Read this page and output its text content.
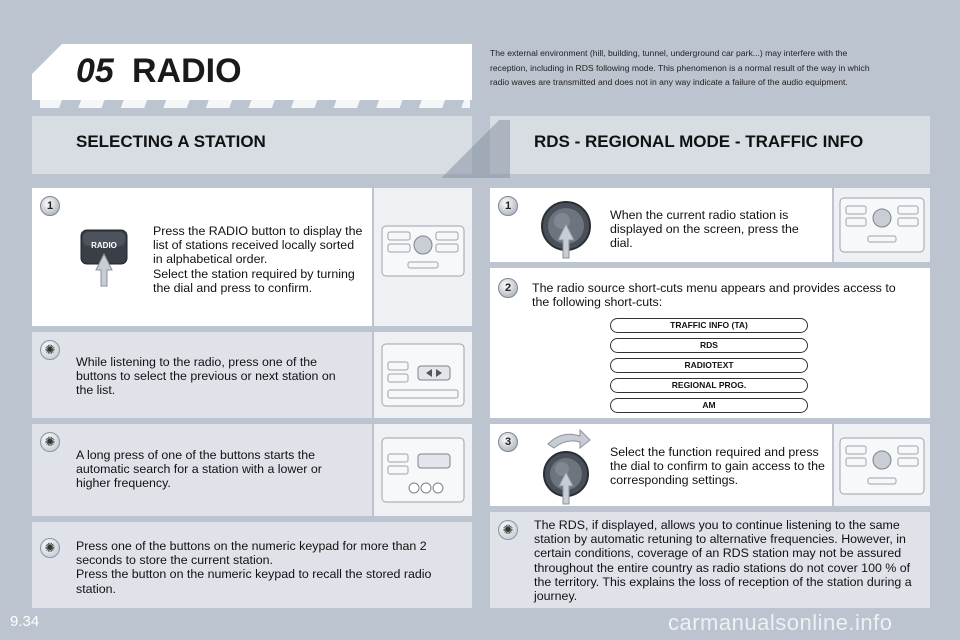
05 RADIO	The external environment (hill, building, tunnel, underground car park...) may interfere with the reception, including in RDS following mode. This phenomenon is a normal result of the way in which radio waves are transmitted and does not in any way indicate a failure of the audio equipment.
SELECTING A STATION	RDS - REGIONAL MODE - TRAFFIC INFO
1
RADIO
Press the RADIO button to display the list of stations received locally sorted in alphabetical order.
Select the station required by turning the dial and press to confirm.
✺
While listening to the radio, press one of the buttons to select the previous or next station on the list.
✺
A long press of one of the buttons starts the automatic search for a station with a lower or higher frequency.
✺	Press one of the buttons on the numeric keypad for more than 2 seconds to store the current station.
Press the button on the numeric keypad to recall the stored radio station.
1
When the current radio station is displayed on the screen, press the dial.
2	The radio source short-cuts menu appears and provides access to the following short-cuts:
TRAFFIC INFO (TA)
RDS
RADIOTEXT
REGIONAL PROG.
AM
3
Select the function required and press the dial to confirm to gain access to the corresponding settings.
✺	The RDS, if displayed, allows you to continue listening to the same station by automatic retuning to alternative frequencies. However, in certain conditions, coverage of an RDS station may not be assured throughout the entire country as radio stations do not cover 100 % of the territory. This explains the loss of reception of the station during a journey.
9.34	carmanualsonline.info
